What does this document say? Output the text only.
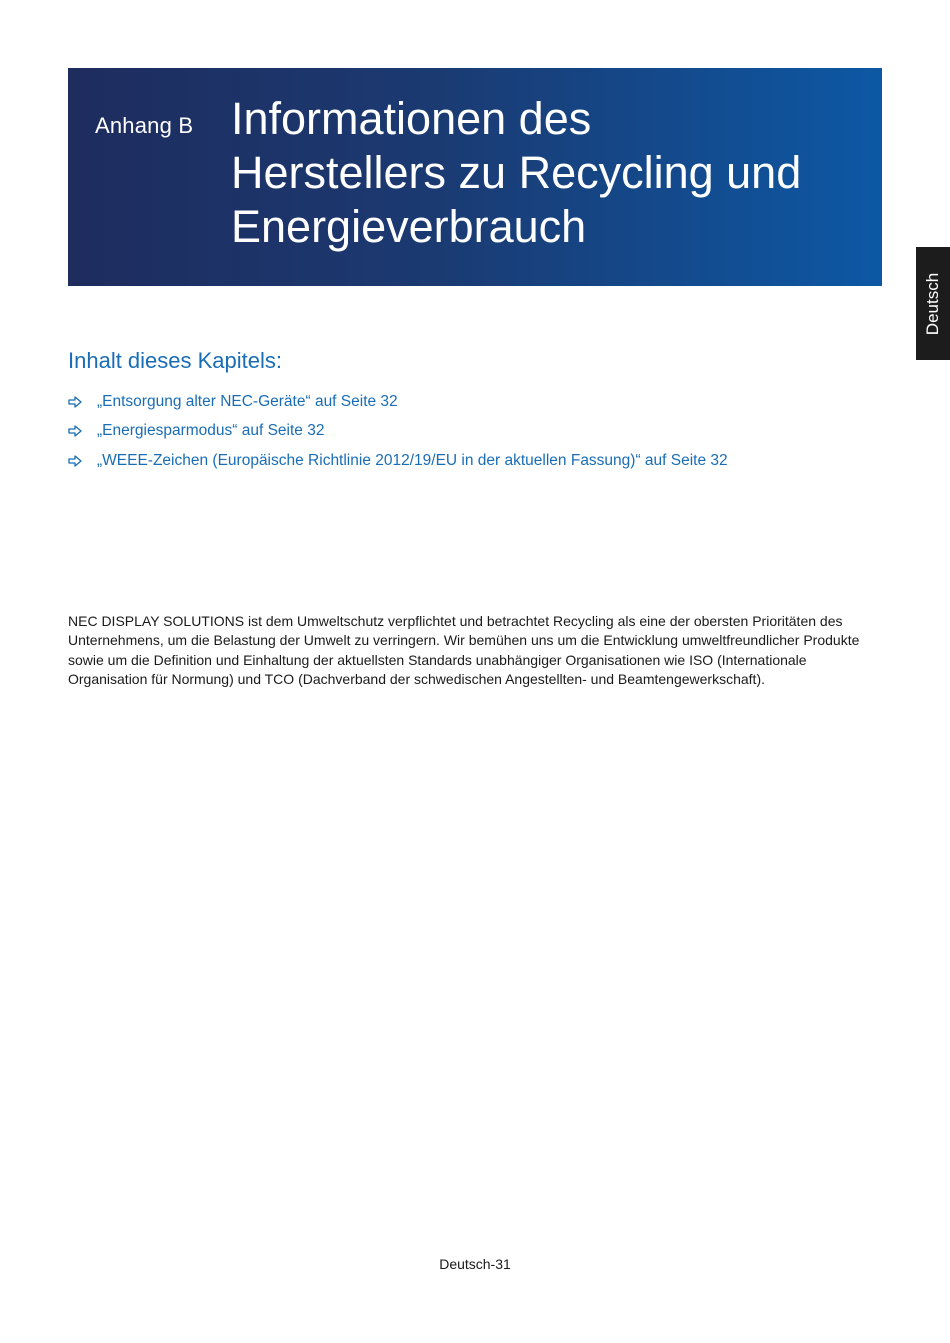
Anhang B Informationen des
Herstellers zu Recycling und
Energieverbrauch
Deutsch
Inhalt dieses Kapitels:
„Entsorgung alter NEC-Geräte“ auf Seite 32
„Energiesparmodus“ auf Seite 32
„WEEE-Zeichen (Europäische Richtlinie 2012/19/EU in der aktuellen Fassung)“ auf Seite 32

NEC DISPLAY SOLUTIONS ist dem Umweltschutz verpflichtet und betrachtet Recycling als eine der obersten Prioritäten des
Unternehmens, um die Belastung der Umwelt zu verringern. Wir bemühen uns um die Entwicklung umweltfreundlicher Produkte
sowie um die Definition und Einhaltung der aktuellsten Standards unabhängiger Organisationen wie ISO (Internationale
Organisation für Normung) und TCO (Dachverband der schwedischen Angestellten- und Beamtengewerkschaft).

Deutsch-31
